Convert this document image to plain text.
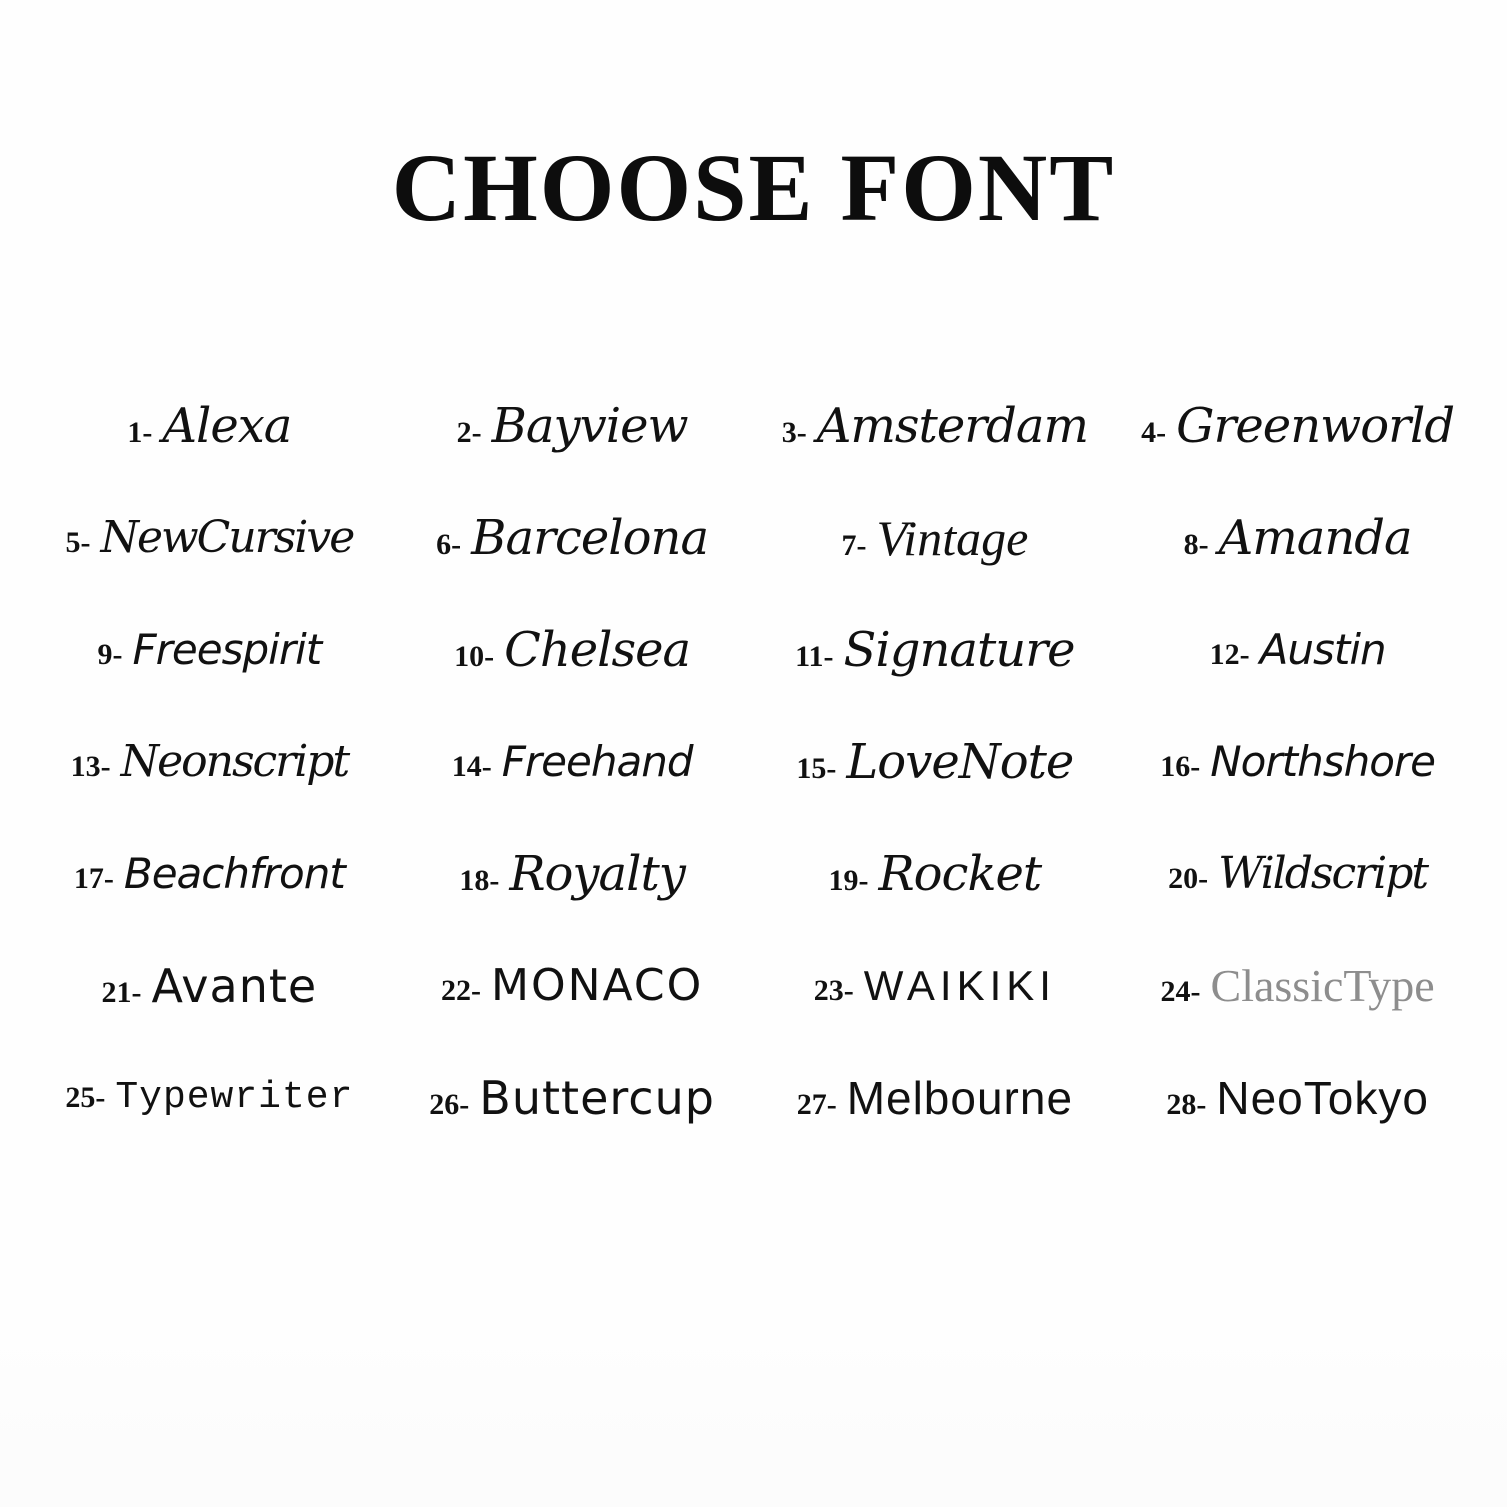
CHOOSE FONT
1- Alexa	2- Bayview	3- Amsterdam 4- Greenworld
5- NewCursive	6- Barcelona	7- Vintage	8- Amanda
9- Freespirit	10- Chelsea	11- Signature	12- Austin
13- Neonscript	14- Freehand	15- LoveNote	16- Northshore
17- Beachfront	18- Royalty	19- Rocket	20- Wildscript
21- Avante	22- MONACO	23- WAIKIKI	24- ClassicType
25- Typewriter	26- Buttercup	27- Melbourne	28- NeoTokyo
